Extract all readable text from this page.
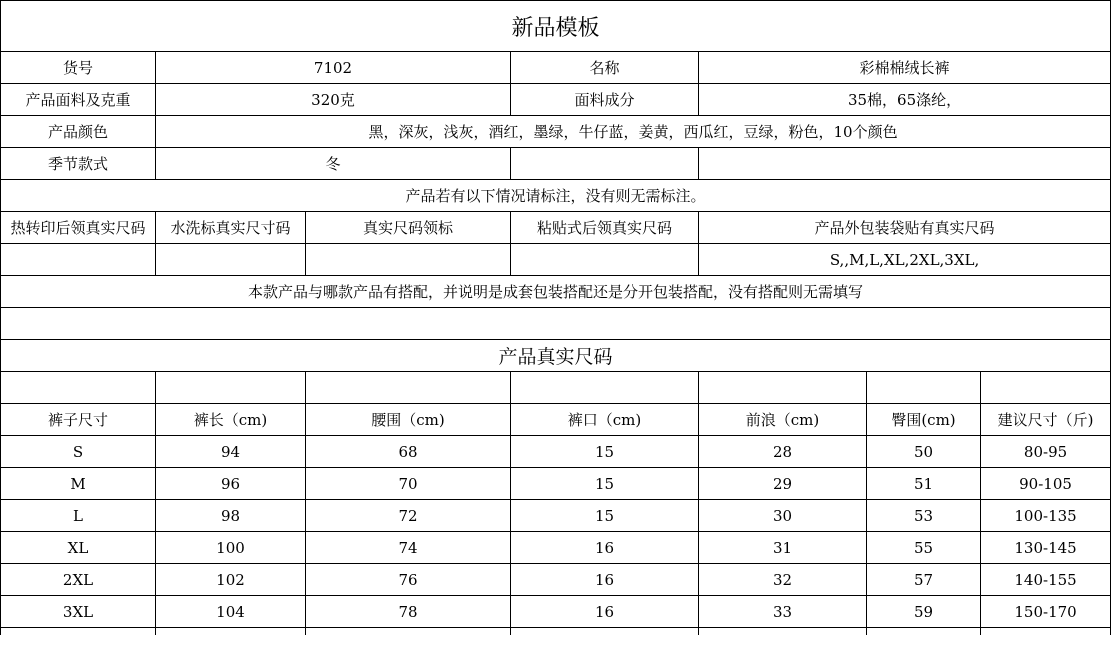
新品模板						
货号	7102		名称	彩棉棉绒长裤		
产品面料及克重	320克		面料成分	35棉，65涤纶，		
产品颜色	黑，深灰，浅灰，酒红，墨绿，牛仔蓝，姜黄，西瓜红，豆绿，粉色，10个颜色					
季节款式	冬					
产品若有以下情况请标注，没有则无需标注。						
热转印后领真实尺码	水洗标真实尺寸码	真实尺码领标	粘贴式后领真实尺码	产品外包装袋贴有真实尺码		
				S,,M,L,XL,2XL,3XL,		
本款产品与哪款产品有搭配，并说明是成套包装搭配还是分开包装搭配，没有搭配则无需填写						

产品真实尺码						

裤子尺寸	裤长（cm)	腰围（cm)	裤口（cm)	前浪（cm)	臀围(cm)	建议尺寸（斤)
S	94	68	15	28	50	80-95
M	96	70	15	29	51	90-105
L	98	72	15	30	53	100-135
XL	100	74	16	31	55	130-145
2XL	102	76	16	32	57	140-155
3XL	104	78	16	33	59	150-170
